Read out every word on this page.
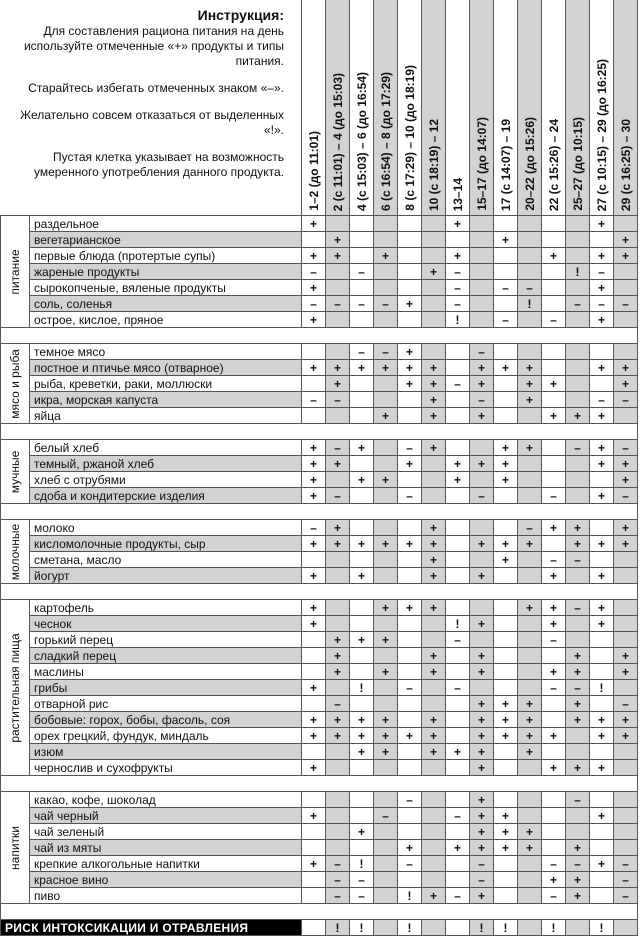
		1–2 (до 11:01)	2 (с 11:01) – 4 (до 15:03)	4 (с 15:03) – 6 (до 16:54)	6 (с 16:54) – 8 (до 17:29)	8 (с 17:29) – 10 (до 18:19)	10 (с 18:19) – 12	13–14	15–17 (до 14:07)	17 (с 14:07) – 19	20–22 (до 15:26)	22 (с 15:26) – 24	25–27 (до 10:15)	27 (с 10:15) – 29 (до 16:25)	29 (с 16:25) – 30

питание	раздельное	+						+						+	
	вегетарианское		+							+					+
	первые блюда (протертые супы)	+	+		+			+				+		+	+
	жареные продукты	–		–			+	–					!	–	
	сырокопченые, вяленые продукты	+						–		–	–			+	
	соль, соленья	–	–	–	–	+		–			!		–	–	–
	острое, кислое, пряное	+						!		–		–		+	

мясо и рыба	темное мясо			–	–	+			–						
	постное и птичье мясо (отварное)	+	+	+	+	+	+		+	+	+			+	+
	рыба, креветки, раки, моллюски		+			+	+	–	+		+	+			+
	икра, морская капуста	–	–				+		–		+			–	–
	яйца				+		+		+			+	+	+	

мучные	белый хлеб	+	–	+		–	+			+	+		–	+	–
	темный, ржаной хлеб	+	+			+		+	+	+				+	+
	хлеб с отрубями	+		+	+			+		+					+
	сдоба и кондитерские изделия	+	–			–			–			–		+	–

молочные	молоко	–	+				+				–	+	+		+
	кисломолочные продукты, сыр	+	+	+	+	+	+		+	+	+		+	+	+
	сметана, масло						+			+		–	–		
	йогурт	+		+			+		+			+		+	

растительная пища	картофель	+			+	+	+				+	+	–	+	
	чеснок	+						!	+			+		+	
	горький перец		+	+	+			–				–			
	сладкий перец		+				+		+				+		+
	маслины		+		+		+		+			+	+		+
	грибы	+		!		–		–				–	–	!	
	отварной рис		–						+	+	+		+		–
	бобовые: горох, бобы, фасоль, соя	+	+	+	+		+		+	+	+		+	+	+
	орех грецкий, фундук, миндаль	+	+	+	+	+	+		+	+	+	+		+	+
	изюм			+	+		+	+	+		+				
	чернослив и сухофрукты	+							+			+	+	+	

напитки	какао, кофе, шоколад					–			+				–		
	чай черный	+			–			–	+	+				+	
	чай зеленый			+					+	+	+				
	чай из мяты					+		+	+	+	+		+		
	крепкие алкогольные напитки	+	–	!		–			–			–	–	+	–
	красное вино		–	–					–			+	+		–
	пиво		–	–		!	+	–	+			–	+		–

РИСК ИНТОКСИКАЦИИ И ОТРАВЛЕНИЯ			!	!		!			!	!		!		!	

Инструкция:
Для составления рациона питания на день используйте отмеченные «+» продукты и типы питания.

Старайтесь избегать отмеченных знаком «–».

Желательно совсем отказаться от выделенных «!».

Пустая клетка указывает на возможность умеренного употребления данного продукта.
